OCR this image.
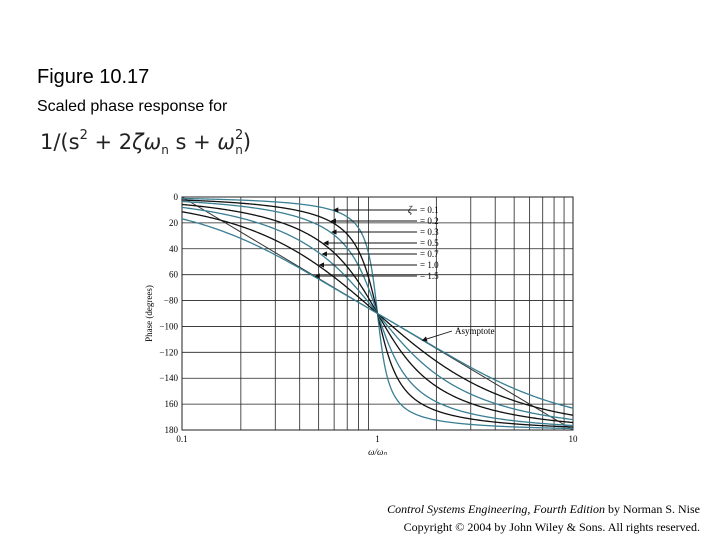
Figure 10.17
Scaled phase response for
$1/(s^2 + 2\zeta\omega_n$ $s + \omega^2_n$)
0
20
40
60
−80
−100
−120
−140
160
180
0.1	1	10
ω/ωₙ
Phase (degrees)
ζ = 0.1
= 0.2
= 0.3
= 0.5
= 0.7
= 1.0
= 1.5
Asymptote
Control Systems Engineering, Fourth Edition by Norman S. Nise
Copyright © 2004 by John Wiley & Sons. All rights reserved.
